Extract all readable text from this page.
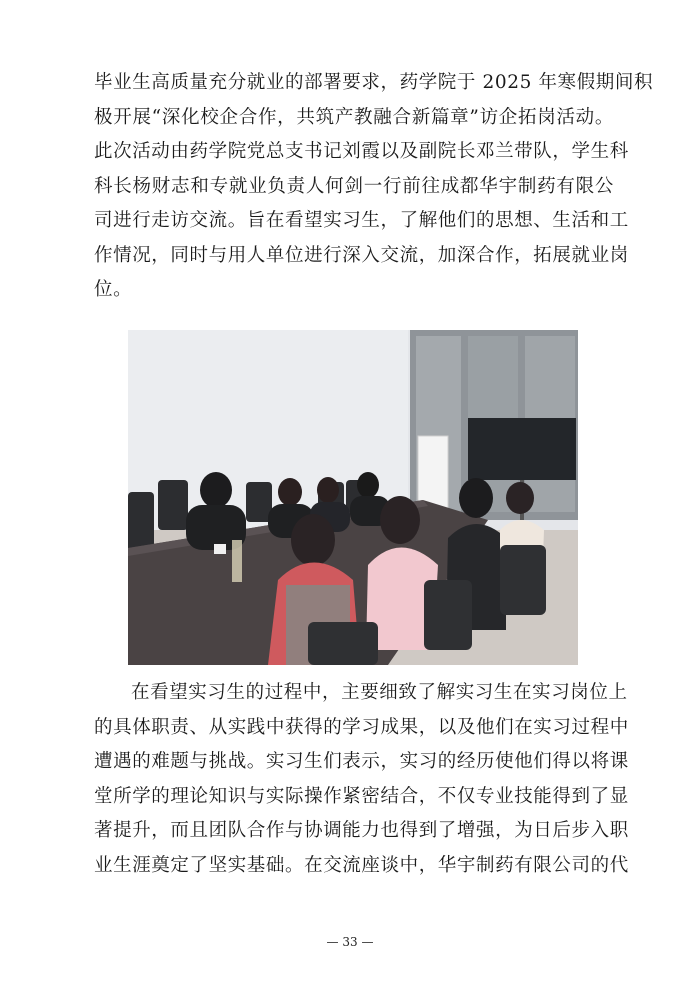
毕业生高质量充分就业的部署要求，药学院于 2025 年寒假期间积
极开展“深化校企合作，共筑产教融合新篇章”访企拓岗活动。
此次活动由药学院党总支书记刘霞以及副院长邓兰带队，学生科
科长杨财志和专就业负责人何剑一行前往成都华宇制药有限公
司进行走访交流。旨在看望实习生，了解他们的思想、生活和工
作情况，同时与用人单位进行深入交流，加深合作，拓展就业岗
位。

在看望实习生的过程中，主要细致了解实习生在实习岗位上
的具体职责、从实践中获得的学习成果，以及他们在实习过程中
遭遇的难题与挑战。实习生们表示，实习的经历使他们得以将课
堂所学的理论知识与实际操作紧密结合，不仅专业技能得到了显
著提升，而且团队合作与协调能力也得到了增强，为日后步入职
业生涯奠定了坚实基础。在交流座谈中，华宇制药有限公司的代

— 33 —
